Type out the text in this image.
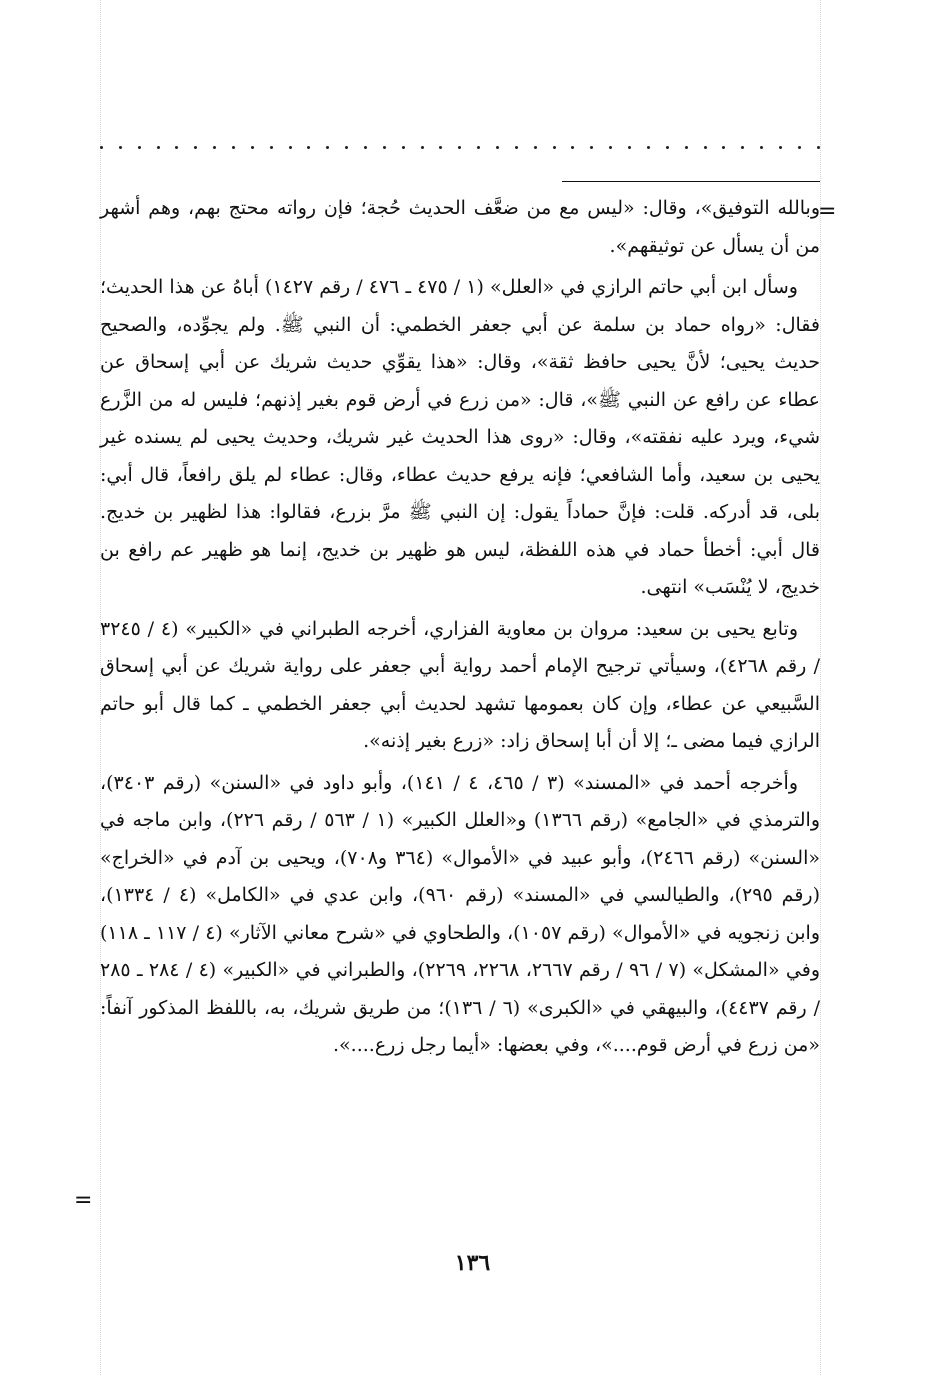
=

وبالله التوفيق»، وقال: «ليس مع من ضعَّف الحديث حُجة؛ فإن رواته محتج بهم، وهم أشهر من أن يسأل عن توثيقهم».

وسأل ابن أبي حاتم الرازي في «العلل» (١ / ٤٧٥ ـ ٤٧٦ / رقم ١٤٢٧) أباهُ عن هذا الحديث؛ فقال: «رواه حماد بن سلمة عن أبي جعفر الخطمي: أن النبي ﷺ. ولم يجوِّده، والصحيح حديث يحيى؛ لأنَّ يحيى حافظ ثقة»، وقال: «هذا يقوِّي حديث شريك عن أبي إسحاق عن عطاء عن رافع عن النبي ﷺ»، قال: «من زرع في أرض قوم بغير إذنهم؛ فليس له من الزَّرع شيء، ويرد عليه نفقته»، وقال: «روى هذا الحديث غير شريك، وحديث يحيى لم يسنده غير يحيى بن سعيد، وأما الشافعي؛ فإنه يرفع حديث عطاء، وقال: عطاء لم يلق رافعاً، قال أبي: بلى، قد أدركه. قلت: فإنَّ حماداً يقول: إن النبي ﷺ مرَّ بزرع، فقالوا: هذا لظهير بن خديج. قال أبي: أخطأ حماد في هذه اللفظة، ليس هو ظهير بن خديج، إنما هو ظهير عم رافع بن خديج، لا يُنْسَب» انتهى.

وتابع يحيى بن سعيد: مروان بن معاوية الفزاري، أخرجه الطبراني في «الكبير» (٤ / ٣٢٤٥ / رقم ٤٢٦٨)، وسيأتي ترجيح الإمام أحمد رواية أبي جعفر على رواية شريك عن أبي إسحاق السَّبيعي عن عطاء، وإن كان بعمومها تشهد لحديث أبي جعفر الخطمي ـ كما قال أبو حاتم الرازي فيما مضى ـ؛ إلا أن أبا إسحاق زاد: «زرع بغير إذنه».

وأخرجه أحمد في «المسند» (٣ / ٤٦٥، ٤ / ١٤١)، وأبو داود في «السنن» (رقم ٣٤٠٣)، والترمذي في «الجامع» (رقم ١٣٦٦) و«العلل الكبير» (١ / ٥٦٣ / رقم ٢٢٦)، وابن ماجه في «السنن» (رقم ٢٤٦٦)، وأبو عبيد في «الأموال» (٣٦٤ و٧٠٨)، ويحيى بن آدم في «الخراج» (رقم ٢٩٥)، والطيالسي في «المسند» (رقم ٩٦٠)، وابن عدي في «الكامل» (٤ / ١٣٣٤)، وابن زنجويه في «الأموال» (رقم ١٠٥٧)، والطحاوي في «شرح معاني الآثار» (٤ / ١١٧ ـ ١١٨) وفي «المشكل» (٧ / ٩٦ / رقم ٢٦٦٧، ٢٢٦٨، ٢٢٦٩)، والطبراني في «الكبير» (٤ / ٢٨٤ ـ ٢٨٥ / رقم ٤٤٣٧)، والبيهقي في «الكبرى» (٦ / ١٣٦)؛ من طريق شريك، به، باللفظ المذكور آنفاً: «من زرع في أرض قوم....»، وفي بعضها: «أيما رجل زرع....».

=
١٣٦
